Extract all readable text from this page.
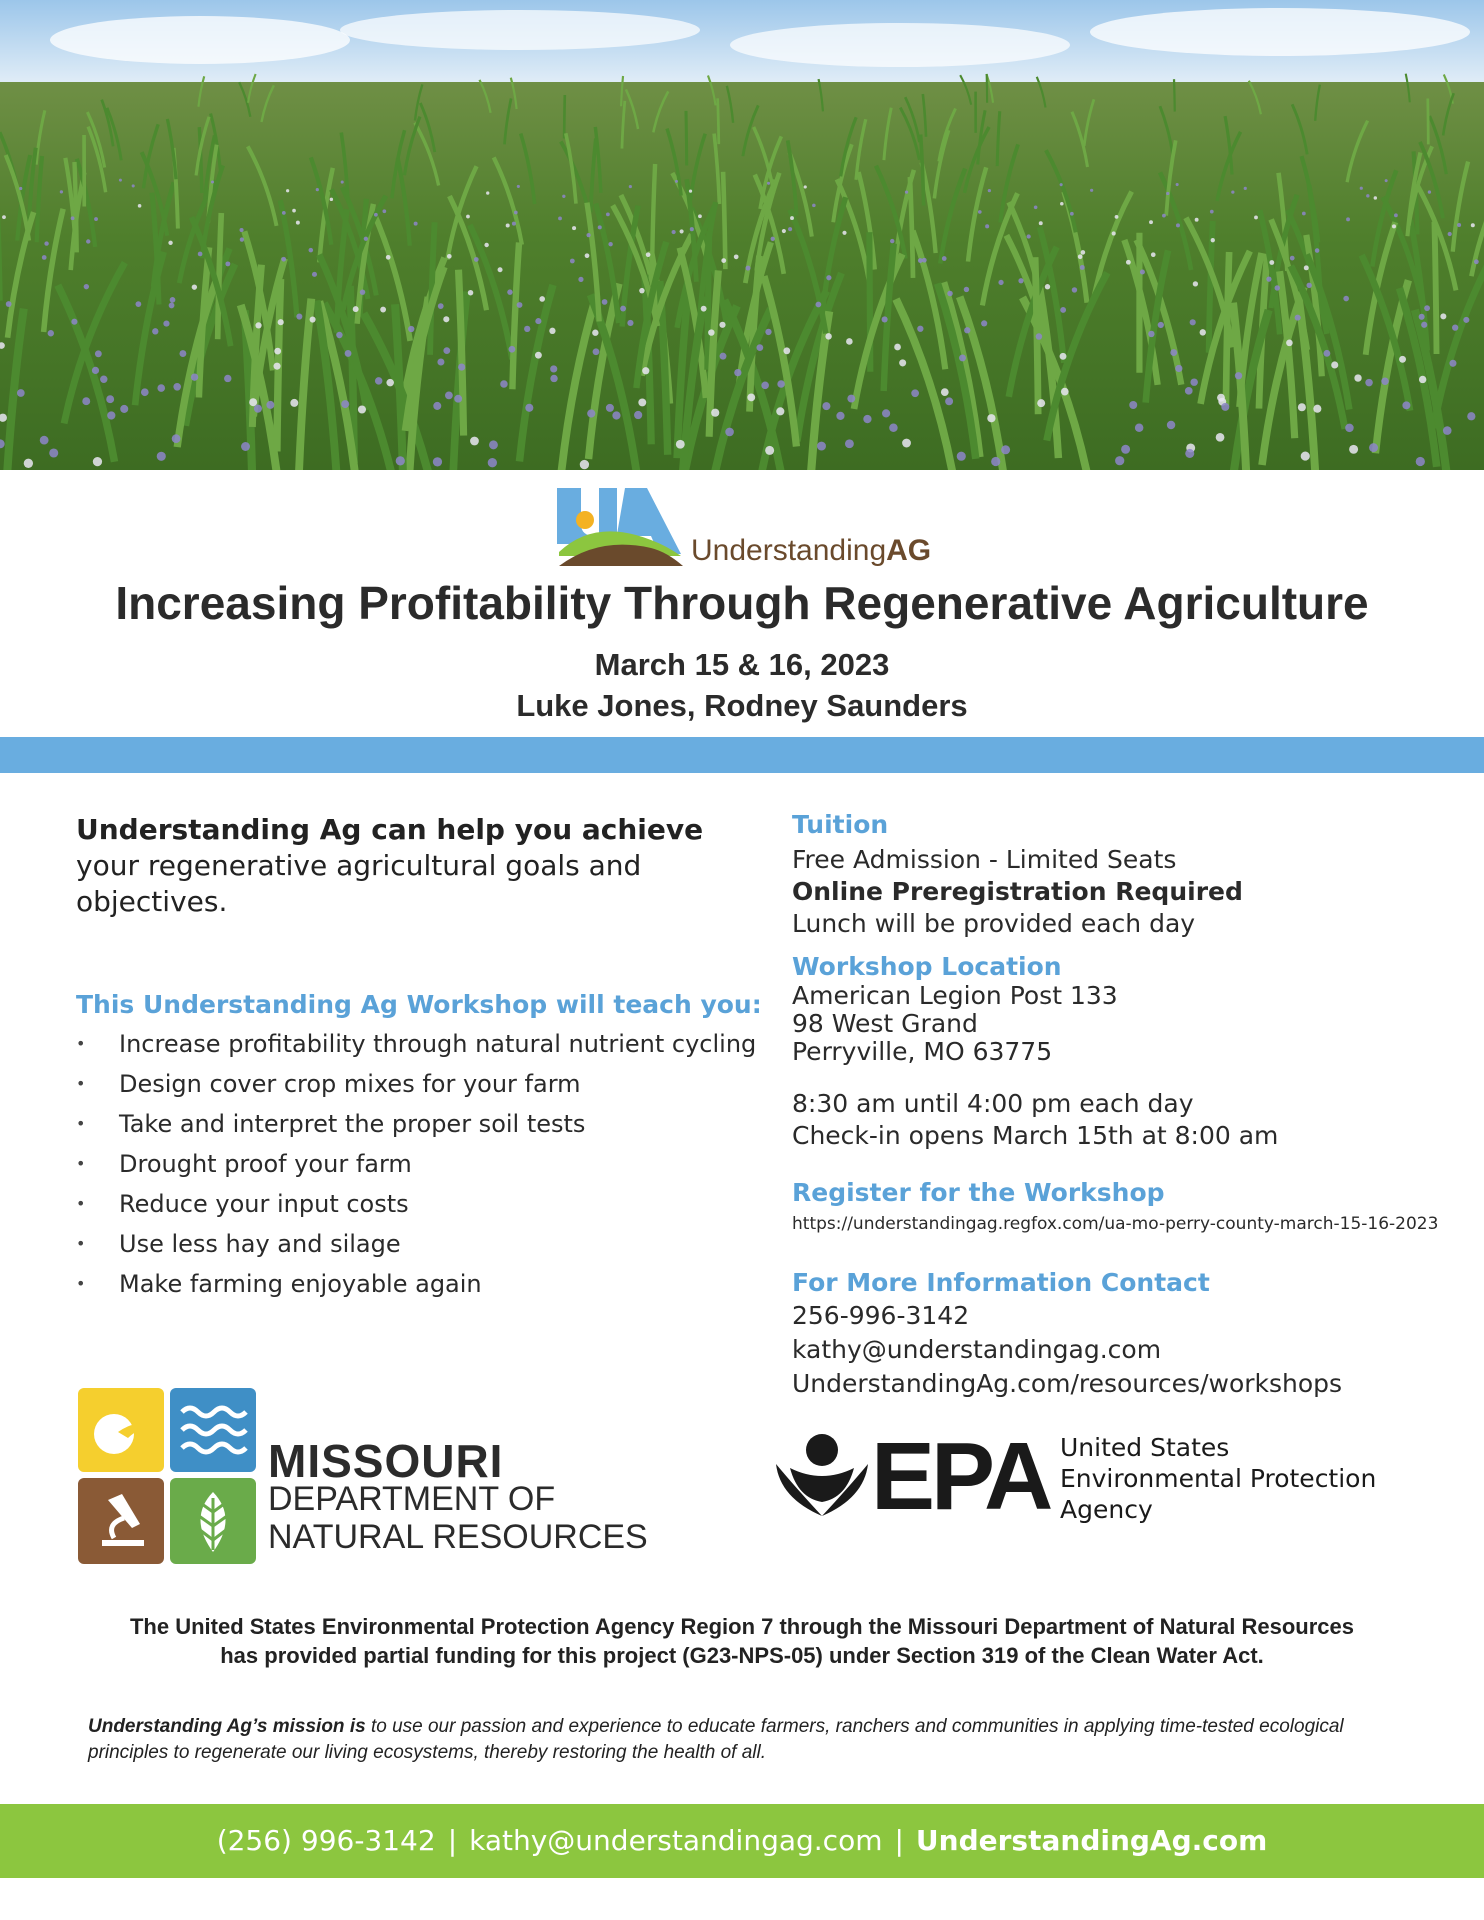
UnderstandingAG
Increasing Profitability Through Regenerative Agriculture
March 15 & 16, 2023
Luke Jones, Rodney Saunders
Understanding Ag can help you achieve your regenerative agricultural goals and objectives.
This Understanding Ag Workshop will teach you:
• Increase profitability through natural nutrient cycling
• Design cover crop mixes for your farm
• Take and interpret the proper soil tests
• Drought proof your farm
• Reduce your input costs
• Use less hay and silage
• Make farming enjoyable again
Tuition
Free Admission - Limited Seats
Online Preregistration Required
Lunch will be provided each day
Workshop Location
American Legion Post 133
98 West Grand
Perryville, MO 63775
8:30 am until 4:00 pm each day
Check-in opens March 15th at 8:00 am
Register for the Workshop
https://understandingag.regfox.com/ua-mo-perry-county-march-15-16-2023
For More Information Contact
256-996-3142
kathy@understandingag.com
UnderstandingAg.com/resources/workshops
MISSOURI
DEPARTMENT OF
NATURAL RESOURCES
EPA United States
Environmental Protection
Agency
The United States Environmental Protection Agency Region 7 through the Missouri Department of Natural Resources
has provided partial funding for this project (G23-NPS-05) under Section 319 of the Clean Water Act.
Understanding Ag’s mission is to use our passion and experience to educate farmers, ranchers and communities in applying time-tested ecological principles to regenerate our living ecosystems, thereby restoring the health of all.
(256) 996-3142 | kathy@understandingag.com | UnderstandingAg.com
